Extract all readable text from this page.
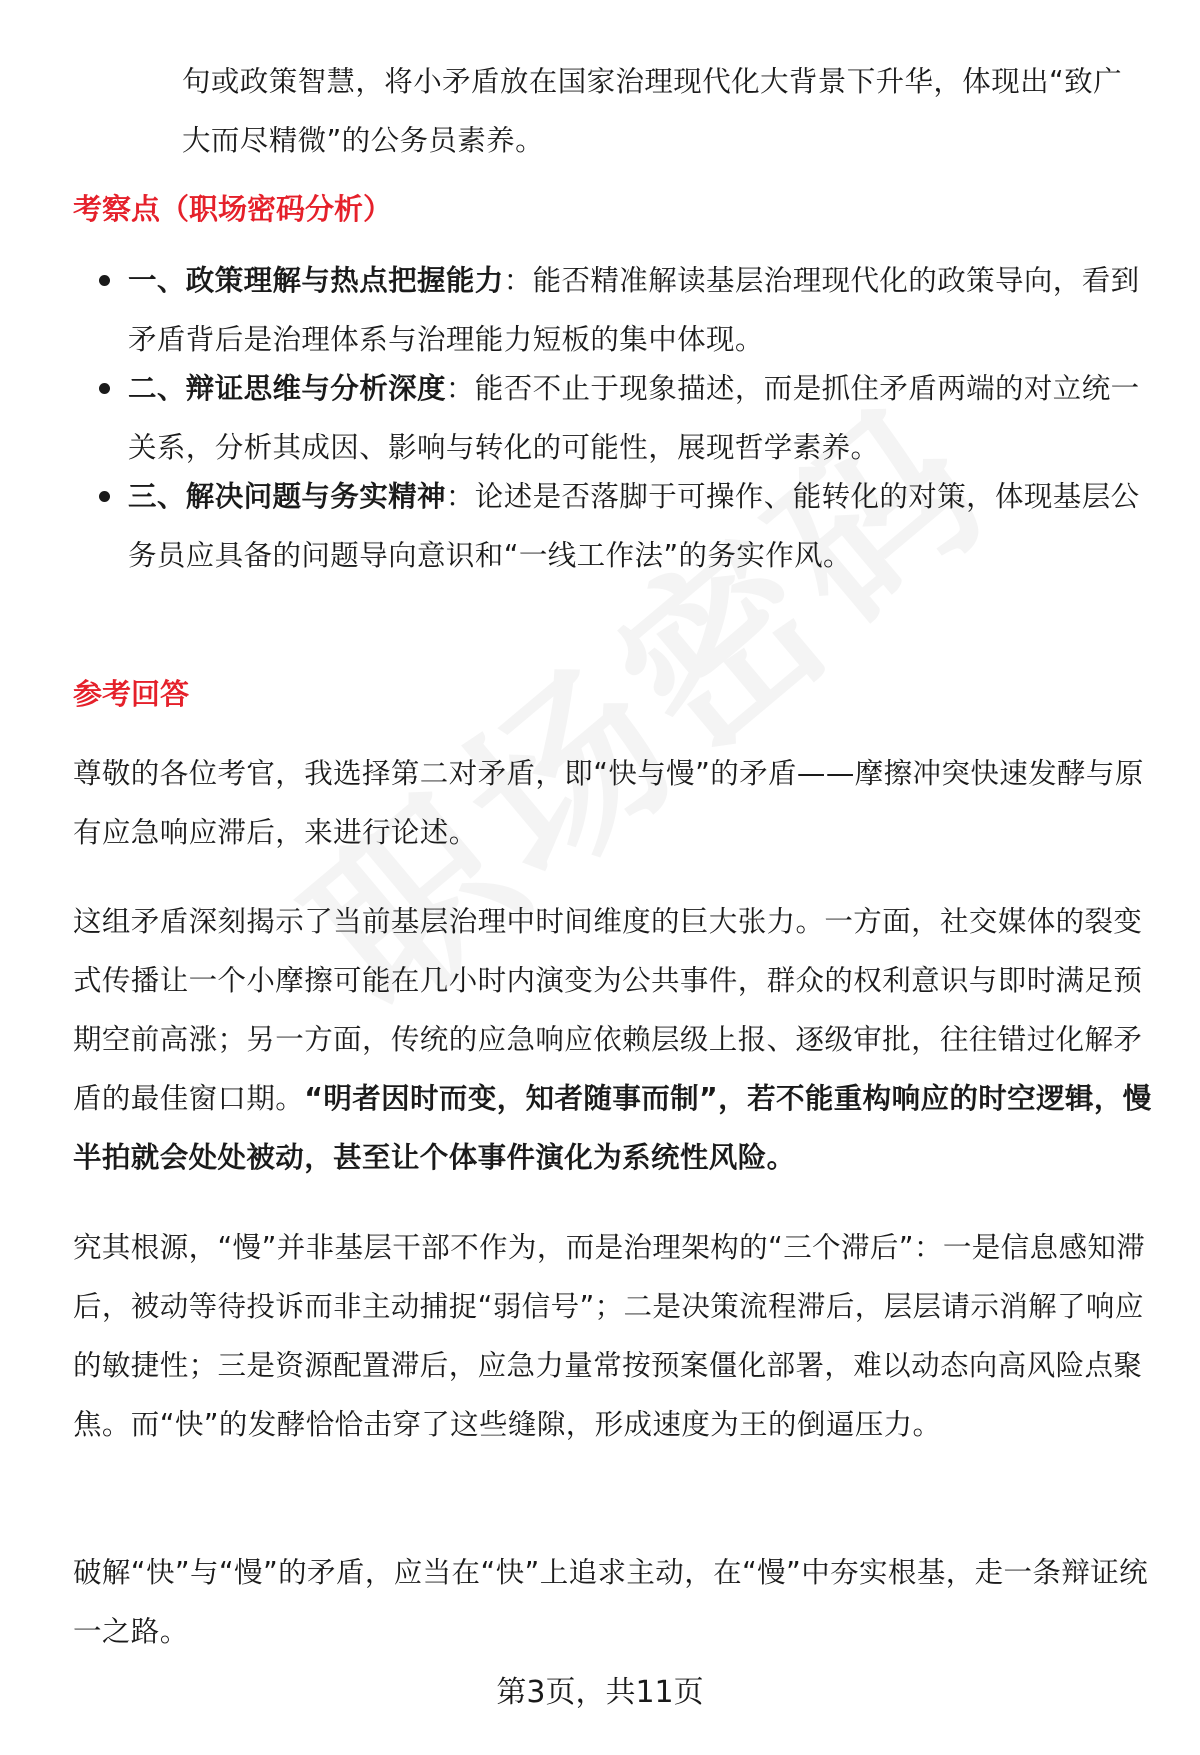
句或政策智慧，将小矛盾放在国家治理现代化大背景下升华，体现出“致广大而尽精微”的公务员素养。

考察点（职场密码分析）

一、政策理解与热点把握能力：能否精准解读基层治理现代化的政策导向，看到矛盾背后是治理体系与治理能力短板的集中体现。

二、辩证思维与分析深度：能否不止于现象描述，而是抓住矛盾两端的对立统一关系，分析其成因、影响与转化的可能性，展现哲学素养。

三、解决问题与务实精神：论述是否落脚于可操作、能转化的对策，体现基层公务员应具备的问题导向意识和“一线工作法”的务实作风。

参考回答

尊敬的各位考官，我选择第二对矛盾，即“快与慢”的矛盾——摩擦冲突快速发酵与原有应急响应滞后，来进行论述。

这组矛盾深刻揭示了当前基层治理中时间维度的巨大张力。一方面，社交媒体的裂变式传播让一个小摩擦可能在几小时内演变为公共事件，群众的权利意识与即时满足预期空前高涨；另一方面，传统的应急响应依赖层级上报、逐级审批，往往错过化解矛盾的最佳窗口期。“明者因时而变，知者随事而制”，若不能重构响应的时空逻辑，慢半拍就会处处被动，甚至让个体事件演化为系统性风险。

究其根源，“慢”并非基层干部不作为，而是治理架构的“三个滞后”：一是信息感知滞后，被动等待投诉而非主动捕捉“弱信号”；二是决策流程滞后，层层请示消解了响应的敏捷性；三是资源配置滞后，应急力量常按预案僵化部署，难以动态向高风险点聚焦。而“快”的发酵恰恰击穿了这些缝隙，形成速度为王的倒逼压力。

破解“快”与“慢”的矛盾，应当在“快”上追求主动，在“慢”中夯实根基，走一条辩证统一之路。

第3页，共11页
